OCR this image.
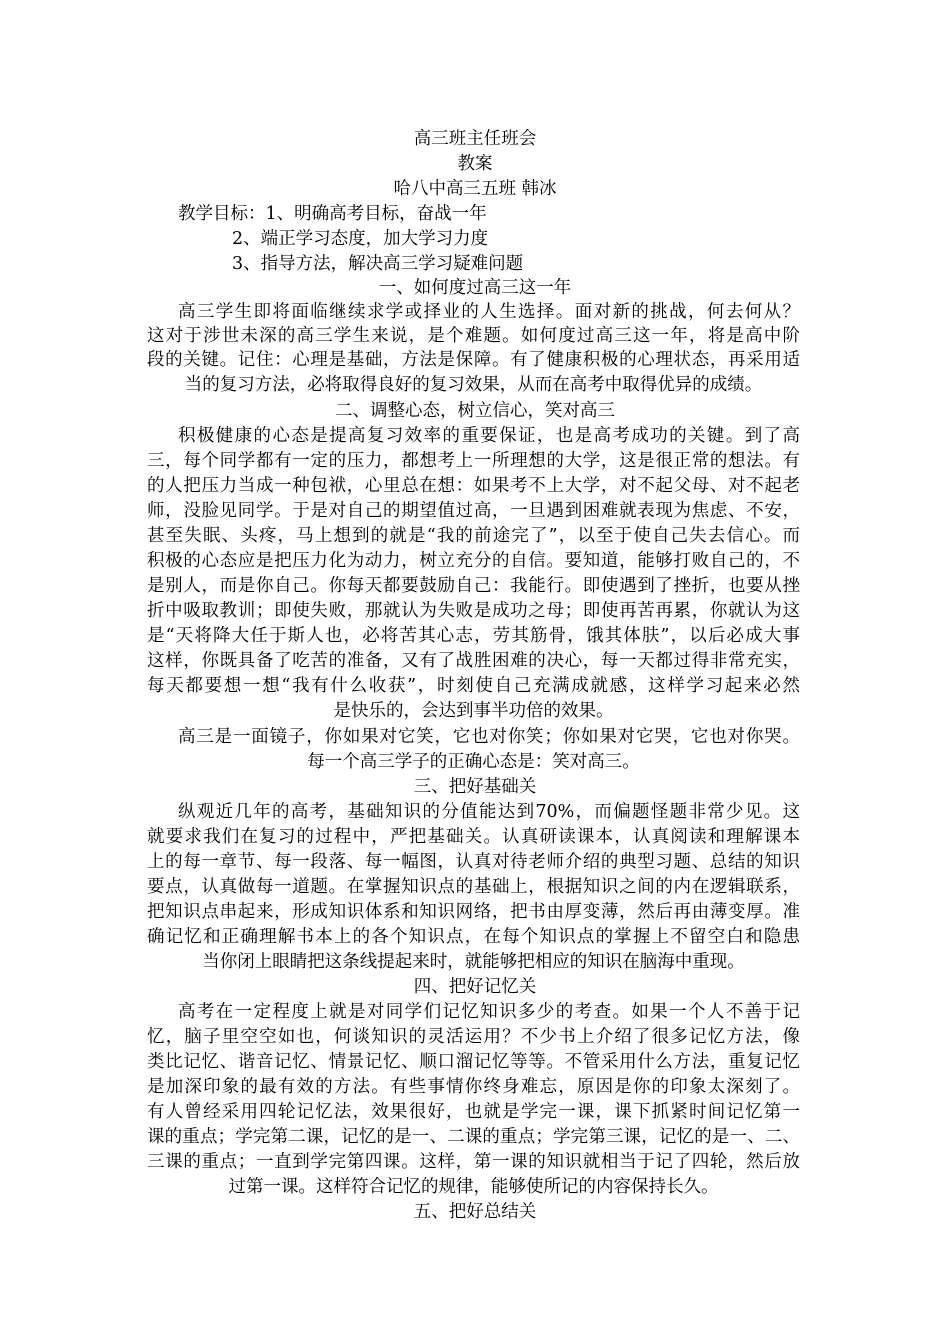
高三班主任班会
教案
哈八中高三五班 韩冰
教学目标：1、明确高考目标，奋战一年
2、端正学习态度，加大学习力度
3、指导方法，解决高三学习疑难问题
一、如何度过高三这一年
高三学生即将面临继续求学或择业的人生选择。面对新的挑战，何去何从？
这对于涉世未深的高三学生来说，是个难题。如何度过高三这一年，将是高中阶
段的关键。记住：心理是基础，方法是保障。有了健康积极的心理状态，再采用适
当的复习方法，必将取得良好的复习效果，从而在高考中取得优异的成绩。
二、调整心态，树立信心，笑对高三
积极健康的心态是提高复习效率的重要保证，也是高考成功的关键。到了高
三，每个同学都有一定的压力，都想考上一所理想的大学，这是很正常的想法。有
的人把压力当成一种包袱，心里总在想：如果考不上大学，对不起父母、对不起老
师，没脸见同学。于是对自己的期望值过高，一旦遇到困难就表现为焦虑、不安，
甚至失眠、头疼，马上想到的就是“我的前途完了”，以至于使自己失去信心。而
积极的心态应是把压力化为动力，树立充分的自信。要知道，能够打败自己的，不
是别人，而是你自己。你每天都要鼓励自己：我能行。即使遇到了挫折，也要从挫
折中吸取教训；即使失败，那就认为失败是成功之母；即使再苦再累，你就认为这
是“天将降大任于斯人也，必将苦其心志，劳其筋骨，饿其体肤”，以后必成大事
这样，你既具备了吃苦的准备，又有了战胜困难的决心，每一天都过得非常充实，
每天都要想一想“我有什么收获”，时刻使自己充满成就感，这样学习起来必然
是快乐的，会达到事半功倍的效果。
高三是一面镜子，你如果对它笑，它也对你笑；你如果对它哭，它也对你哭。
每一个高三学子的正确心态是：笑对高三。
三、把好基础关
纵观近几年的高考，基础知识的分值能达到70%，而偏题怪题非常少见。这
就要求我们在复习的过程中，严把基础关。认真研读课本，认真阅读和理解课本
上的每一章节、每一段落、每一幅图，认真对待老师介绍的典型习题、总结的知识
要点，认真做每一道题。在掌握知识点的基础上，根据知识之间的内在逻辑联系，
把知识点串起来，形成知识体系和知识网络，把书由厚变薄，然后再由薄变厚。准
确记忆和正确理解书本上的各个知识点，在每个知识点的掌握上不留空白和隐患
当你闭上眼睛把这条线提起来时，就能够把相应的知识在脑海中重现。
四、把好记忆关
高考在一定程度上就是对同学们记忆知识多少的考查。如果一个人不善于记
忆，脑子里空空如也，何谈知识的灵活运用？不少书上介绍了很多记忆方法，像
类比记忆、谐音记忆、情景记忆、顺口溜记忆等等。不管采用什么方法，重复记忆
是加深印象的最有效的方法。有些事情你终身难忘，原因是你的印象太深刻了。
有人曾经采用四轮记忆法，效果很好，也就是学完一课，课下抓紧时间记忆第一
课的重点；学完第二课，记忆的是一、二课的重点；学完第三课，记忆的是一、二、
三课的重点；一直到学完第四课。这样，第一课的知识就相当于记了四轮，然后放
过第一课。这样符合记忆的规律，能够使所记的内容保持长久。
五、把好总结关
